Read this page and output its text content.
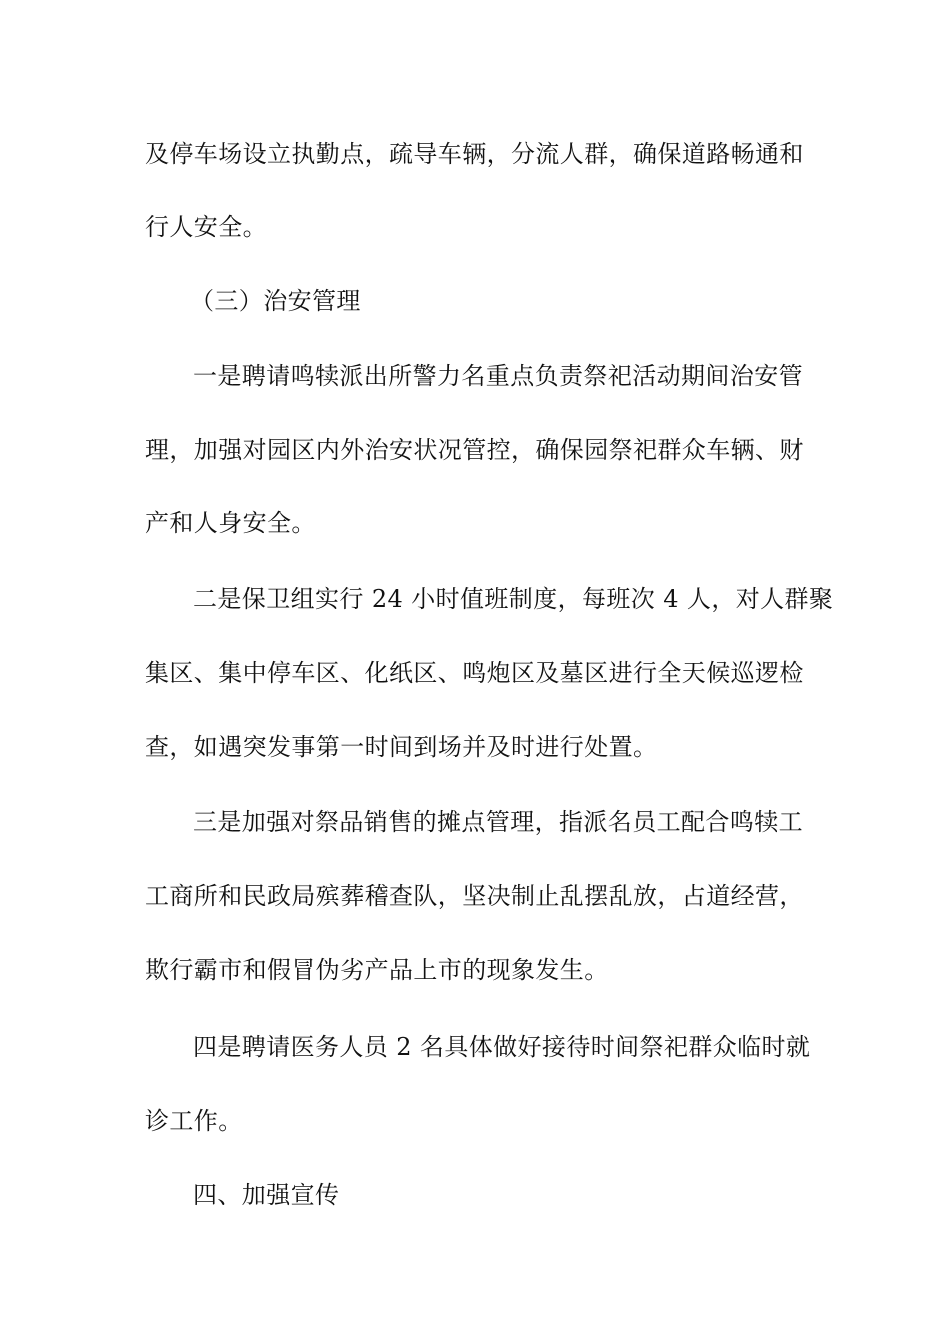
及停车场设立执勤点，疏导车辆，分流人群，确保道路畅通和
行人安全。
（三）治安管理
一是聘请鸣犊派出所警力名重点负责祭祀活动期间治安管
理，加强对园区内外治安状况管控，确保园祭祀群众车辆、财
产和人身安全。
二是保卫组实行 24 小时值班制度，每班次 4 人，对人群聚
集区、集中停车区、化纸区、鸣炮区及墓区进行全天候巡逻检
查，如遇突发事第一时间到场并及时进行处置。
三是加强对祭品销售的摊点管理，指派名员工配合鸣犊工
工商所和民政局殡葬稽查队，坚决制止乱摆乱放，占道经营，
欺行霸市和假冒伪劣产品上市的现象发生。
四是聘请医务人员 2 名具体做好接待时间祭祀群众临时就
诊工作。
四、加强宣传
